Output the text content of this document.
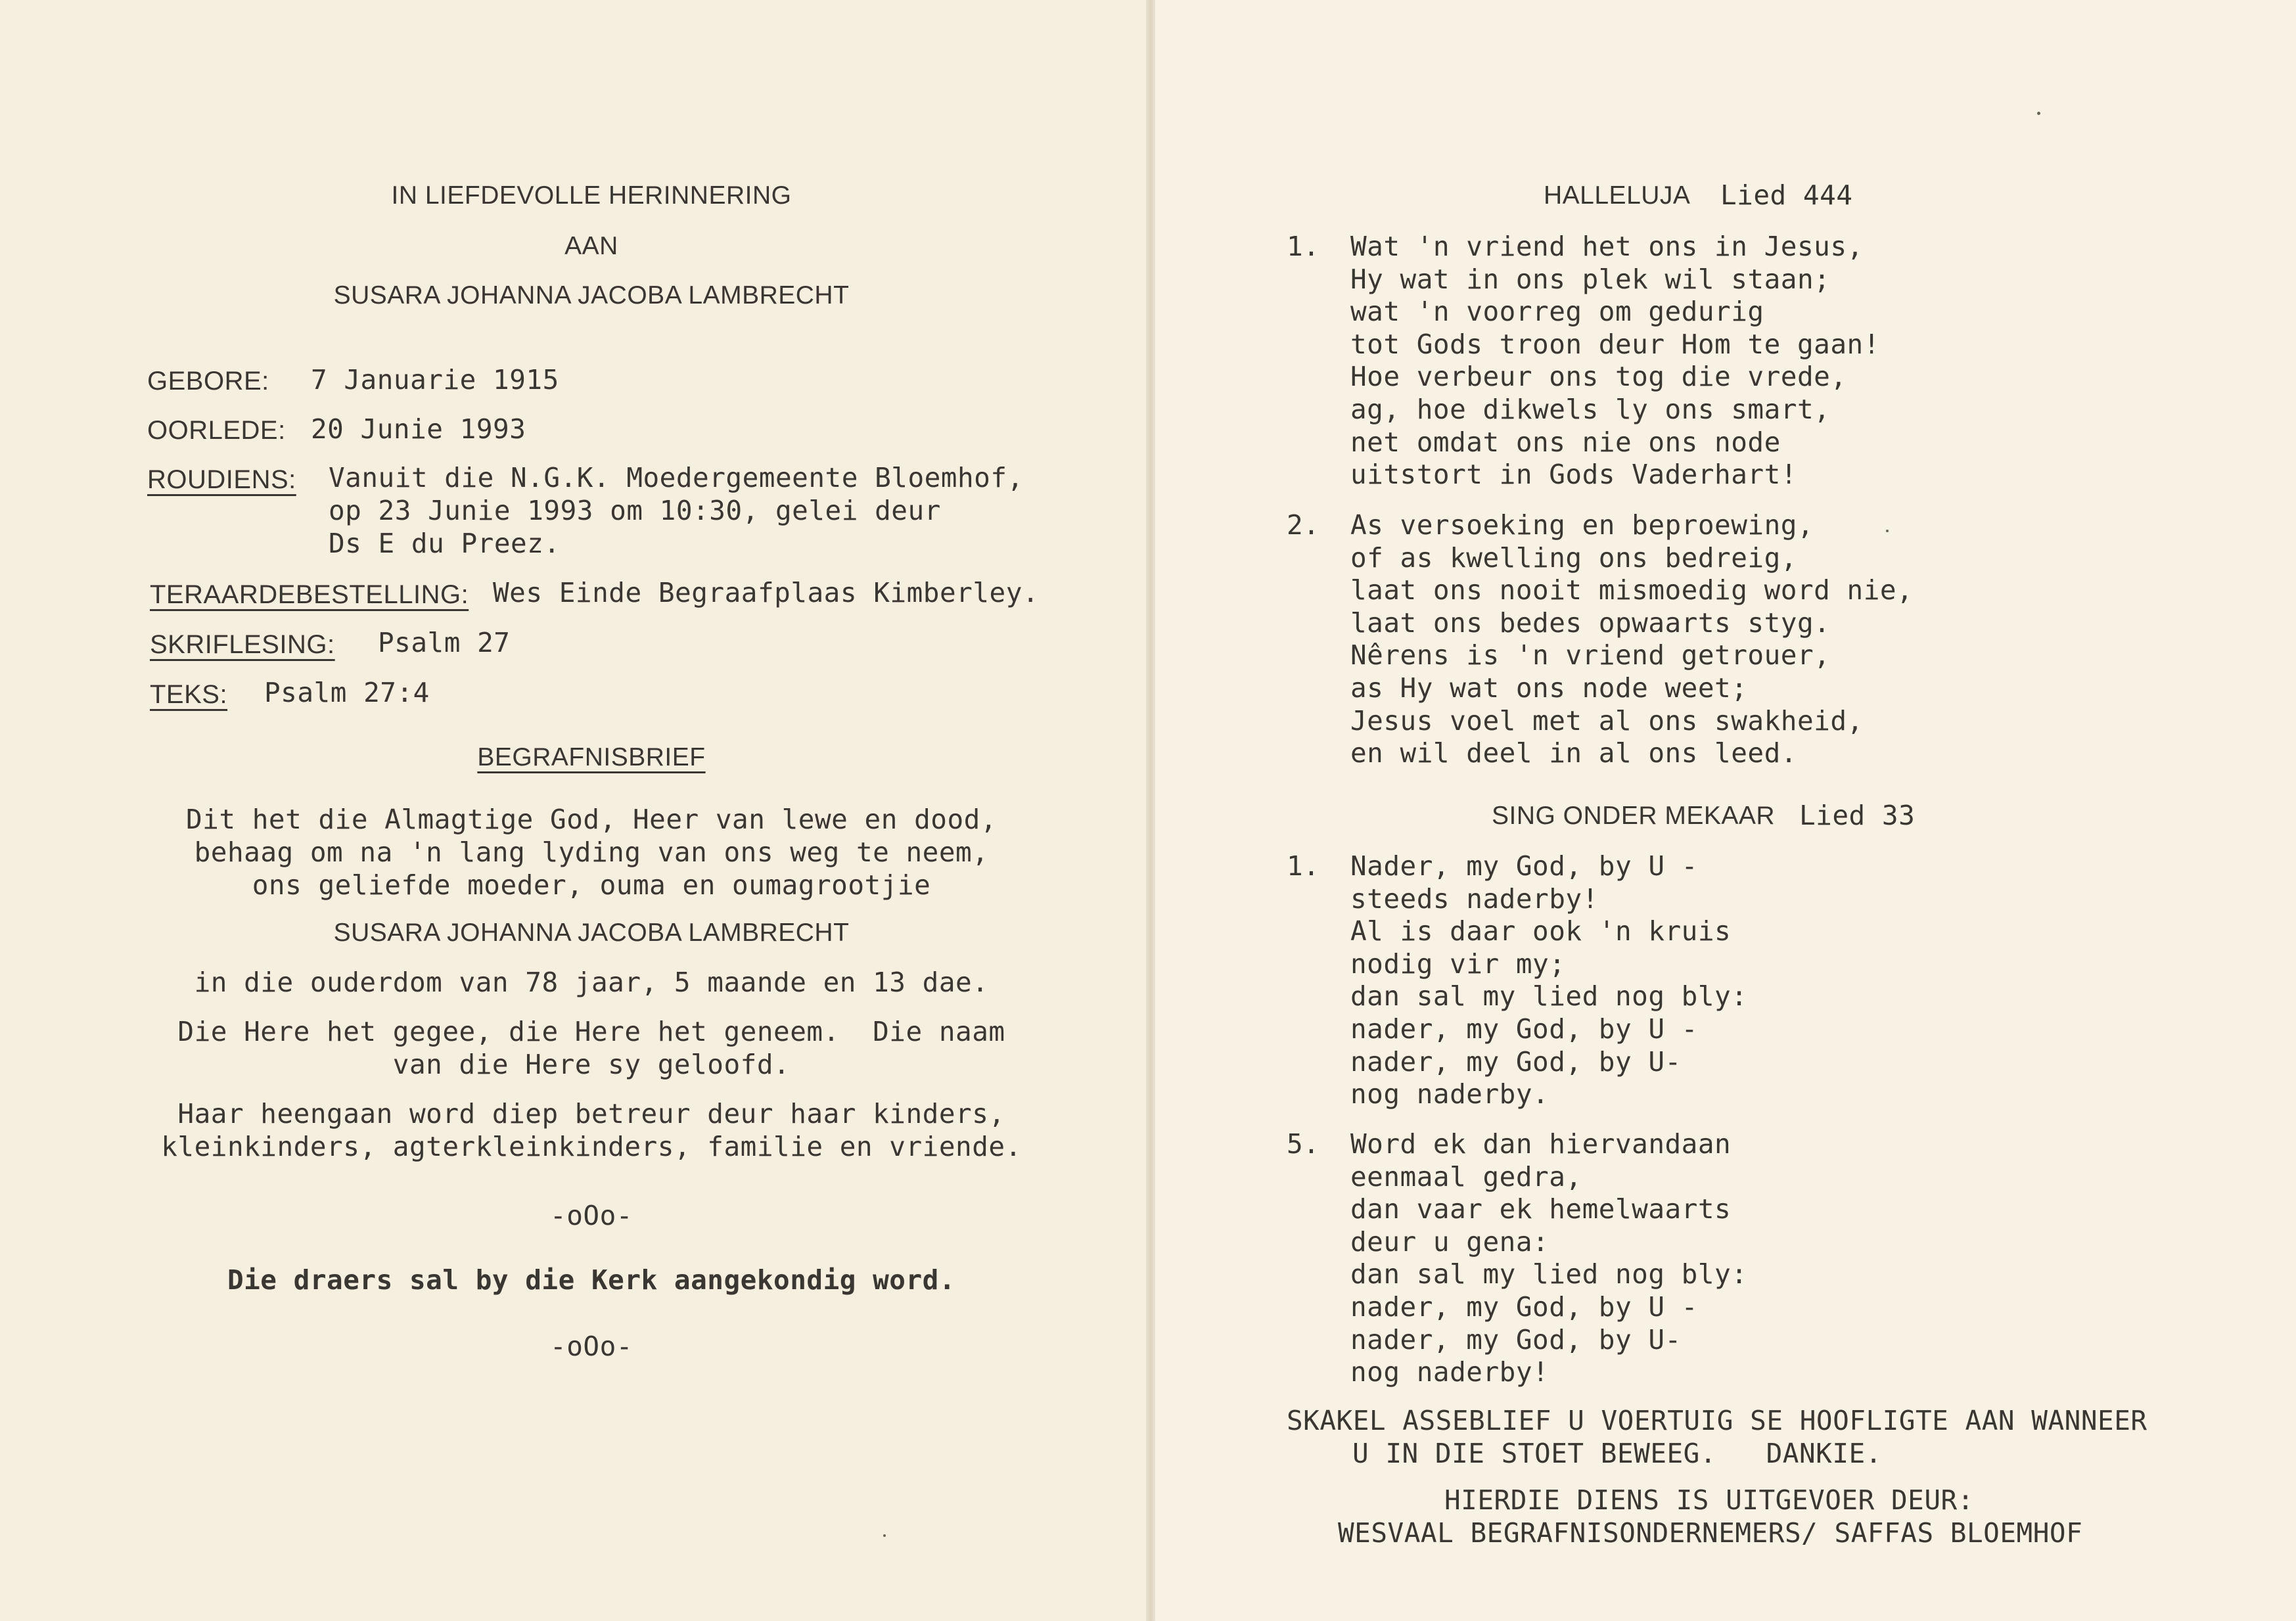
IN LIEFDEVOLLE HERINNERING
AAN
SUSARA JOHANNA JACOBA LAMBRECHT
GEBORE: 7 Januarie 1915
OORLEDE: 20 Junie 1993
ROUDIENS: Vanuit die N.G.K. Moedergemeente Bloemhof,
op 23 Junie 1993 om 10:30, gelei deur
Ds E du Preez.
TERAARDEBESTELLING: Wes Einde Begraafplaas Kimberley.
SKRIFLESING: Psalm 27
TEKS: Psalm 27:4
BEGRAFNISBRIEF
Dit het die Almagtige God, Heer van lewe en dood,
behaag om na 'n lang lyding van ons weg te neem,
ons geliefde moeder, ouma en oumagrootjie
SUSARA JOHANNA JACOBA LAMBRECHT
in die ouderdom van 78 jaar, 5 maande en 13 dae.
Die Here het gegee, die Here het geneem.  Die naam
van die Here sy geloofd.
Haar heengaan word diep betreur deur haar kinders,
kleinkinders, agterkleinkinders, familie en vriende.
-oOo-
Die draers sal by die Kerk aangekondig word.
-oOo-
HALLELUJA Lied 444
1. Wat 'n vriend het ons in Jesus,
Hy wat in ons plek wil staan;
wat 'n voorreg om gedurig
tot Gods troon deur Hom te gaan!
Hoe verbeur ons tog die vrede,
ag, hoe dikwels ly ons smart,
net omdat ons nie ons node
uitstort in Gods Vaderhart!
2. As versoeking en beproewing,
of as kwelling ons bedreig,
laat ons nooit mismoedig word nie,
laat ons bedes opwaarts styg.
Nêrens is 'n vriend getrouer,
as Hy wat ons node weet;
Jesus voel met al ons swakheid,
en wil deel in al ons leed.
SING ONDER MEKAAR Lied 33
1. Nader, my God, by U -
steeds naderby!
Al is daar ook 'n kruis
nodig vir my;
dan sal my lied nog bly:
nader, my God, by U -
nader, my God, by U-
nog naderby.
5. Word ek dan hiervandaan
eenmaal gedra,
dan vaar ek hemelwaarts
deur u gena:
dan sal my lied nog bly:
nader, my God, by U -
nader, my God, by U-
nog naderby!
SKAKEL ASSEBLIEF U VOERTUIG SE HOOFLIGTE AAN WANNEER
U IN DIE STOET BEWEEG.   DANKIE.
HIERDIE DIENS IS UITGEVOER DEUR:
WESVAAL BEGRAFNISONDERNEMERS/ SAFFAS BLOEMHOF
